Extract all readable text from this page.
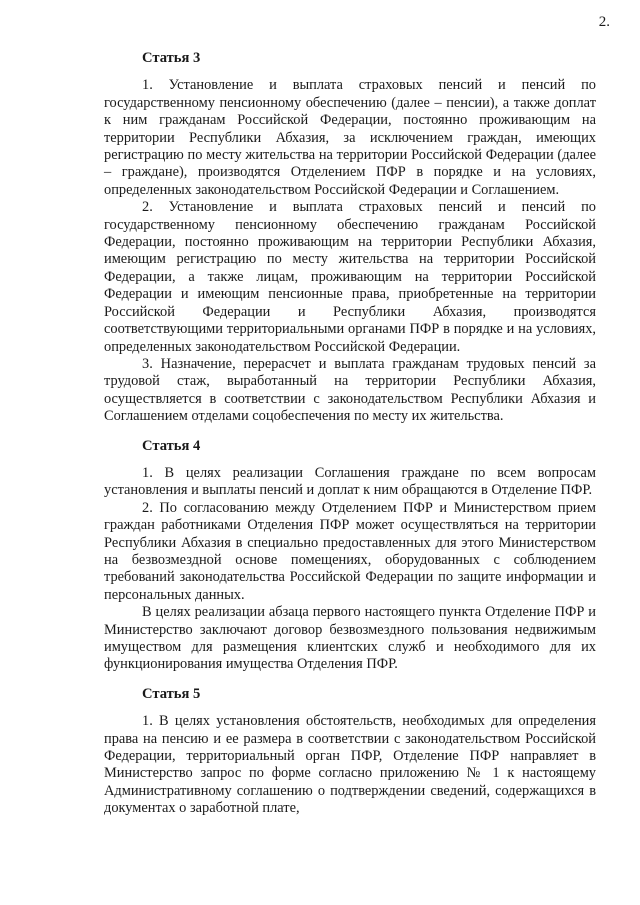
2.
Статья 3

1. Установление и выплата страховых пенсий и пенсий по государственному пенсионному обеспечению (далее – пенсии), а также доплат к ним гражданам Российской Федерации, постоянно проживающим на территории Республики Абхазия, за исключением граждан, имеющих регистрацию по месту жительства на территории Российской Федерации (далее – граждане), производятся Отделением ПФР в порядке и на условиях, определенных законодательством Российской Федерации и Соглашением.

2. Установление и выплата страховых пенсий и пенсий по государственному пенсионному обеспечению гражданам Российской Федерации, постоянно проживающим на территории Республики Абхазия, имеющим регистрацию по месту жительства на территории Российской Федерации, а также лицам, проживающим на территории Российской Федерации и имеющим пенсионные права, приобретенные на территории Российской Федерации и Республики Абхазия, производятся соответствующими территориальными органами ПФР в порядке и на условиях, определенных законодательством Российской Федерации.

3. Назначение, перерасчет и выплата гражданам трудовых пенсий за трудовой стаж, выработанный на территории Республики Абхазия, осуществляется в соответствии с законодательством Республики Абхазия и Соглашением отделами соцобеспечения по месту их жительства.

Статья 4

1. В целях реализации Соглашения граждане по всем вопросам установления и выплаты пенсий и доплат к ним обращаются в Отделение ПФР.

2. По согласованию между Отделением ПФР и Министерством прием граждан работниками Отделения ПФР может осуществляться на территории Республики Абхазия в специально предоставленных для этого Министерством на безвозмездной основе помещениях, оборудованных с соблюдением требований законодательства Российской Федерации по защите информации и персональных данных.

В целях реализации абзаца первого настоящего пункта Отделение ПФР и Министерство заключают договор безвозмездного пользования недвижимым имуществом для размещения клиентских служб и необходимого для их функционирования имущества Отделения ПФР.

Статья 5

1. В целях установления обстоятельств, необходимых для определения права на пенсию и ее размера в соответствии с законодательством Российской Федерации, территориальный орган ПФР, Отделение ПФР направляет в Министерство запрос по форме согласно приложению № 1 к настоящему Административному соглашению о подтверждении сведений, содержащихся в документах о заработной плате,
